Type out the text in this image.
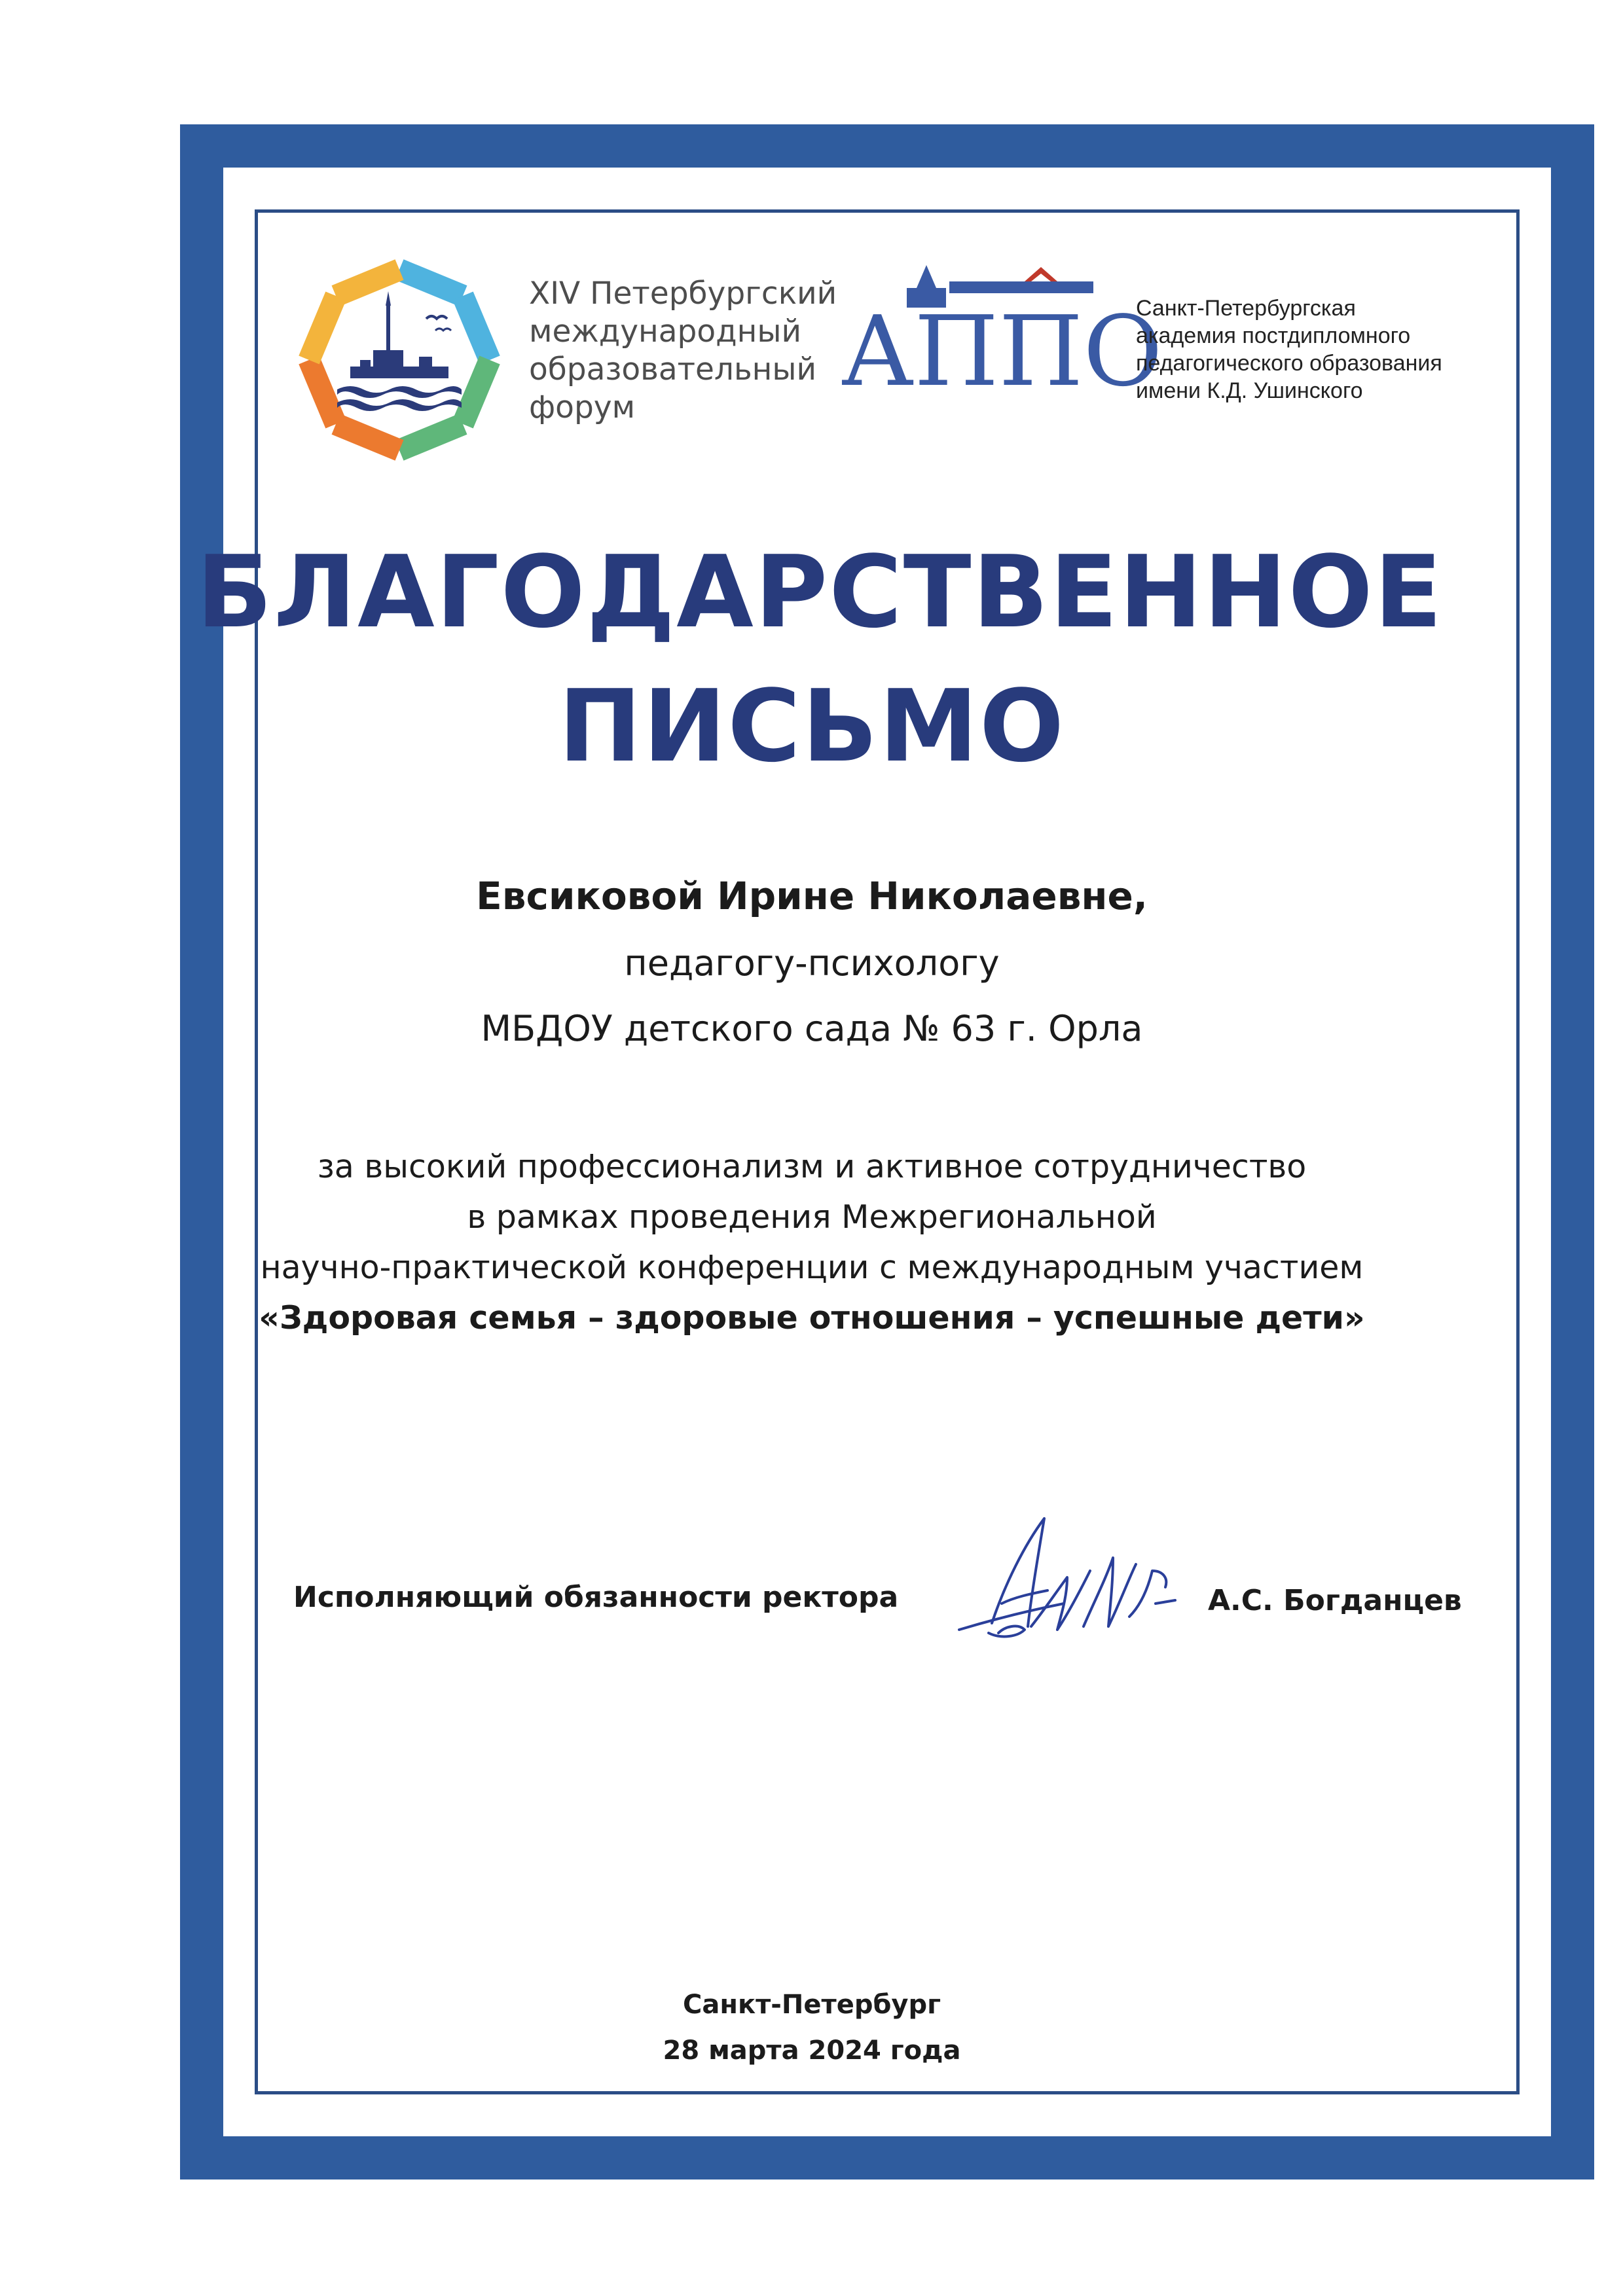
XIV Петербургский
международный
образовательный
форум	АППО
Санкт-Петербургская
академия постдипломного
педагогического образования
имени К.Д. Ушинского
БЛАГОДАРСТВЕННОЕ
ПИСЬМО
Евсиковой Ирине Николаевне,
педагогу-психологу
МБДОУ детского сада № 63 г. Орла
за высокий профессионализм и активное сотрудничество
в рамках проведения Межрегиональной
научно-практической конференции с международным участием
«Здоровая семья – здоровые отношения – успешные дети»
Исполняющий обязанности ректора	А.С. Богданцев
Санкт-Петербург
28 марта 2024 года
